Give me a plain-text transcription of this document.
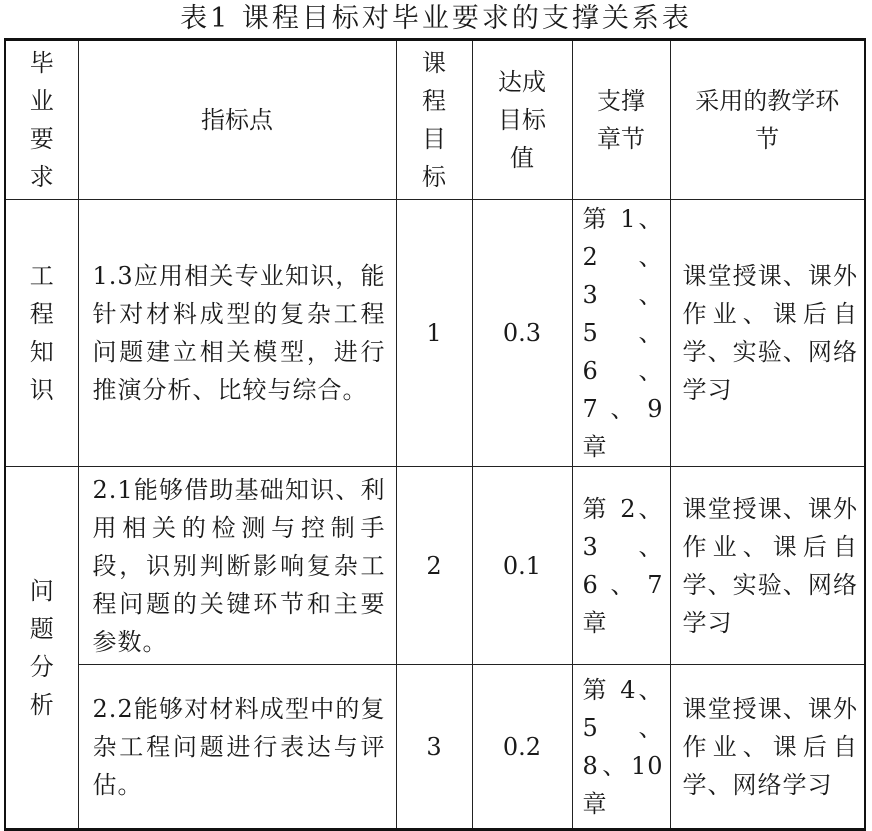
表1 课程目标对毕业要求的支撑关系表
毕业要求	指标点	课程目标	达成目标值	支撑章节	采用的教学环节
工程知识	1.3应用相关专业知识，能针对材料成型的复杂工程问题建立相关模型，进行推演分析、比较与综合。	1	0.3	第 1、2、3、5、6、7、9章	课堂授课、课外作业、课后自学、实验、网络学习
问题分析	2.1能够借助基础知识、利用相关的检测与控制手段，识别判断影响复杂工程问题的关键环节和主要参数。	2	0.1	第 2、3、6、7章	课堂授课、课外作业、课后自学、实验、网络学习
	2.2能够对材料成型中的复杂工程问题进行表达与评估。	3	0.2	第 4、5、8、10章	课堂授课、课外作业、课后自学、网络学习
